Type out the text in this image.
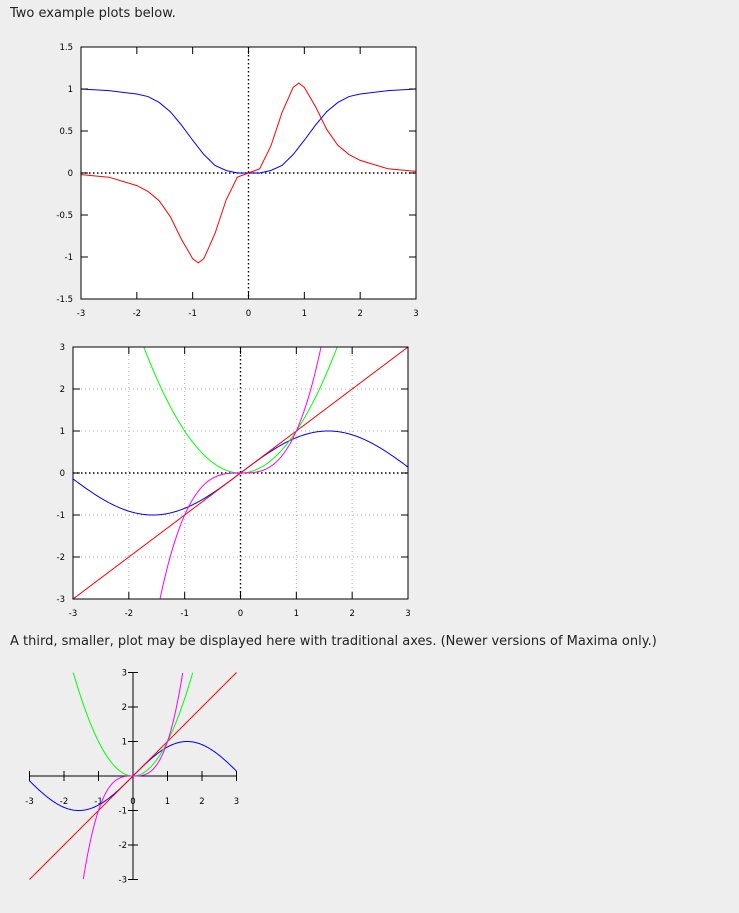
Two example plots below.

-3	-2	-1	0	1	2	3
1.5
1
0.5
0
-0.5
-1
-1.5
-3	-2	-1	0	1	2	3
3
2
1
0
-1
-2
-3
-3	-2	-1	0	1	2	3
3
2
1
-1
-2
-3

A third, smaller, plot may be displayed here with traditional axes. (Newer versions of Maxima only.)
